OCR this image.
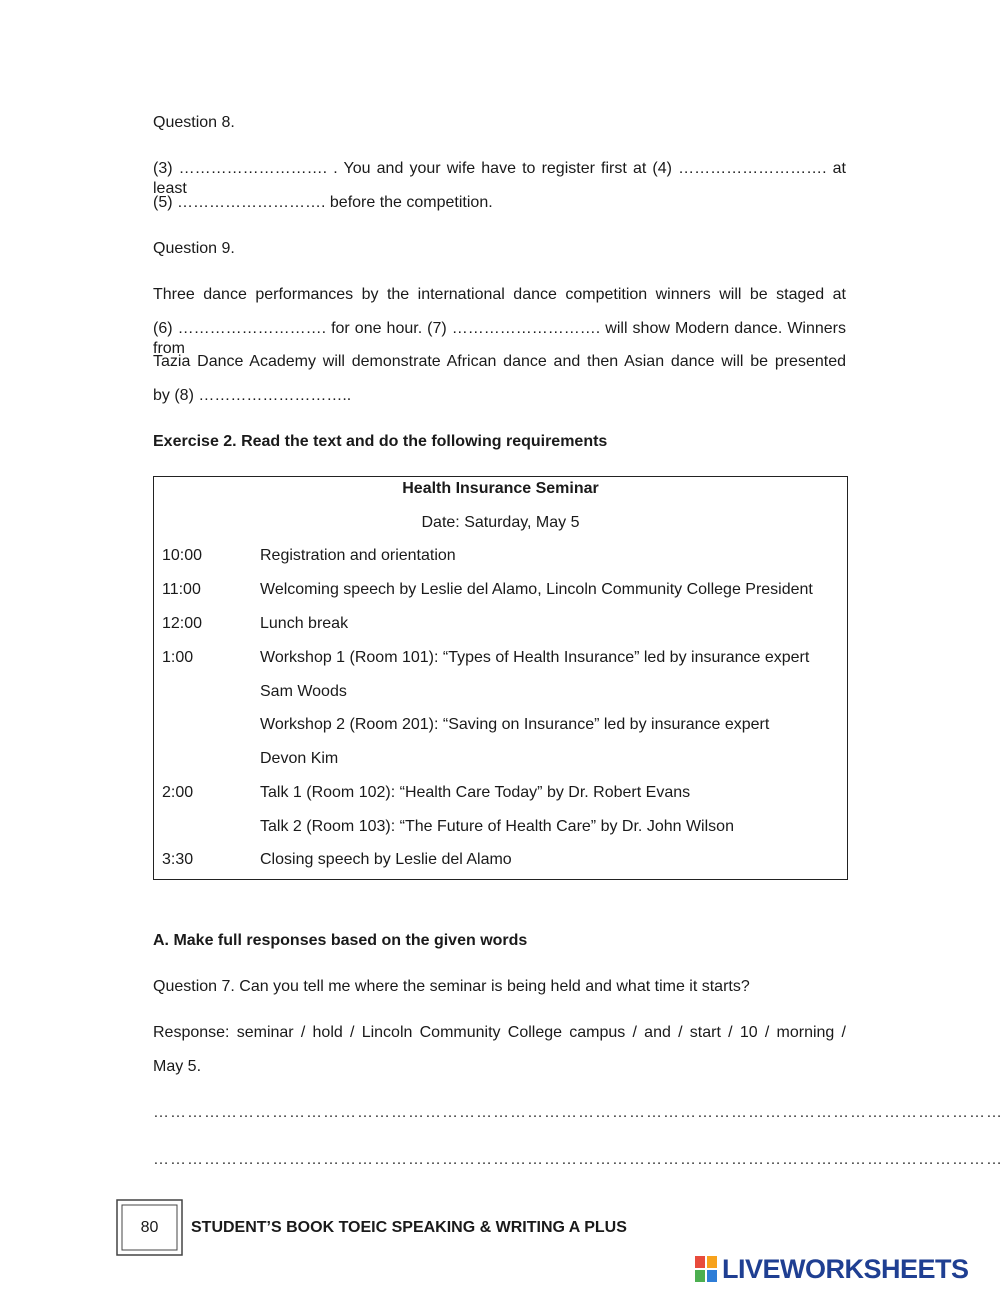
Question 8.
(3) ………………………. . You and your wife have to register first at (4) ………………………. at least
(5) ………………………. before the competition.
Question 9.
Three dance performances by the international dance competition winners will be staged at
(6) ………………………. for one hour. (7) ………………………. will show Modern dance. Winners from
Tazia Dance Academy will demonstrate African dance and then Asian dance will be presented
by (8) ………………………..
Exercise 2. Read the text and do the following requirements
Health Insurance Seminar
Date: Saturday, May 5
10:00	Registration and orientation
11:00	Welcoming speech by Leslie del Alamo, Lincoln Community College President
12:00	Lunch break
1:00	Workshop 1 (Room 101): “Types of Health Insurance” led by insurance expert
Sam Woods
Workshop 2 (Room 201): “Saving on Insurance” led by insurance expert
Devon Kim
2:00	Talk 1 (Room 102): “Health Care Today” by Dr. Robert Evans
Talk 2 (Room 103): “The Future of Health Care” by Dr. John Wilson
3:30	Closing speech by Leslie del Alamo
A. Make full responses based on the given words
Question 7. Can you tell me where the seminar is being held and what time it starts?
Response: seminar / hold / Lincoln Community College campus / and / start / 10 / morning /
May 5.
……………………………………………………………………………………………………………………………………
……………………………………………………………………………………………………………………………………
80	STUDENT’S BOOK TOEIC SPEAKING & WRITING A PLUS
LIVEWORKSHEETS
